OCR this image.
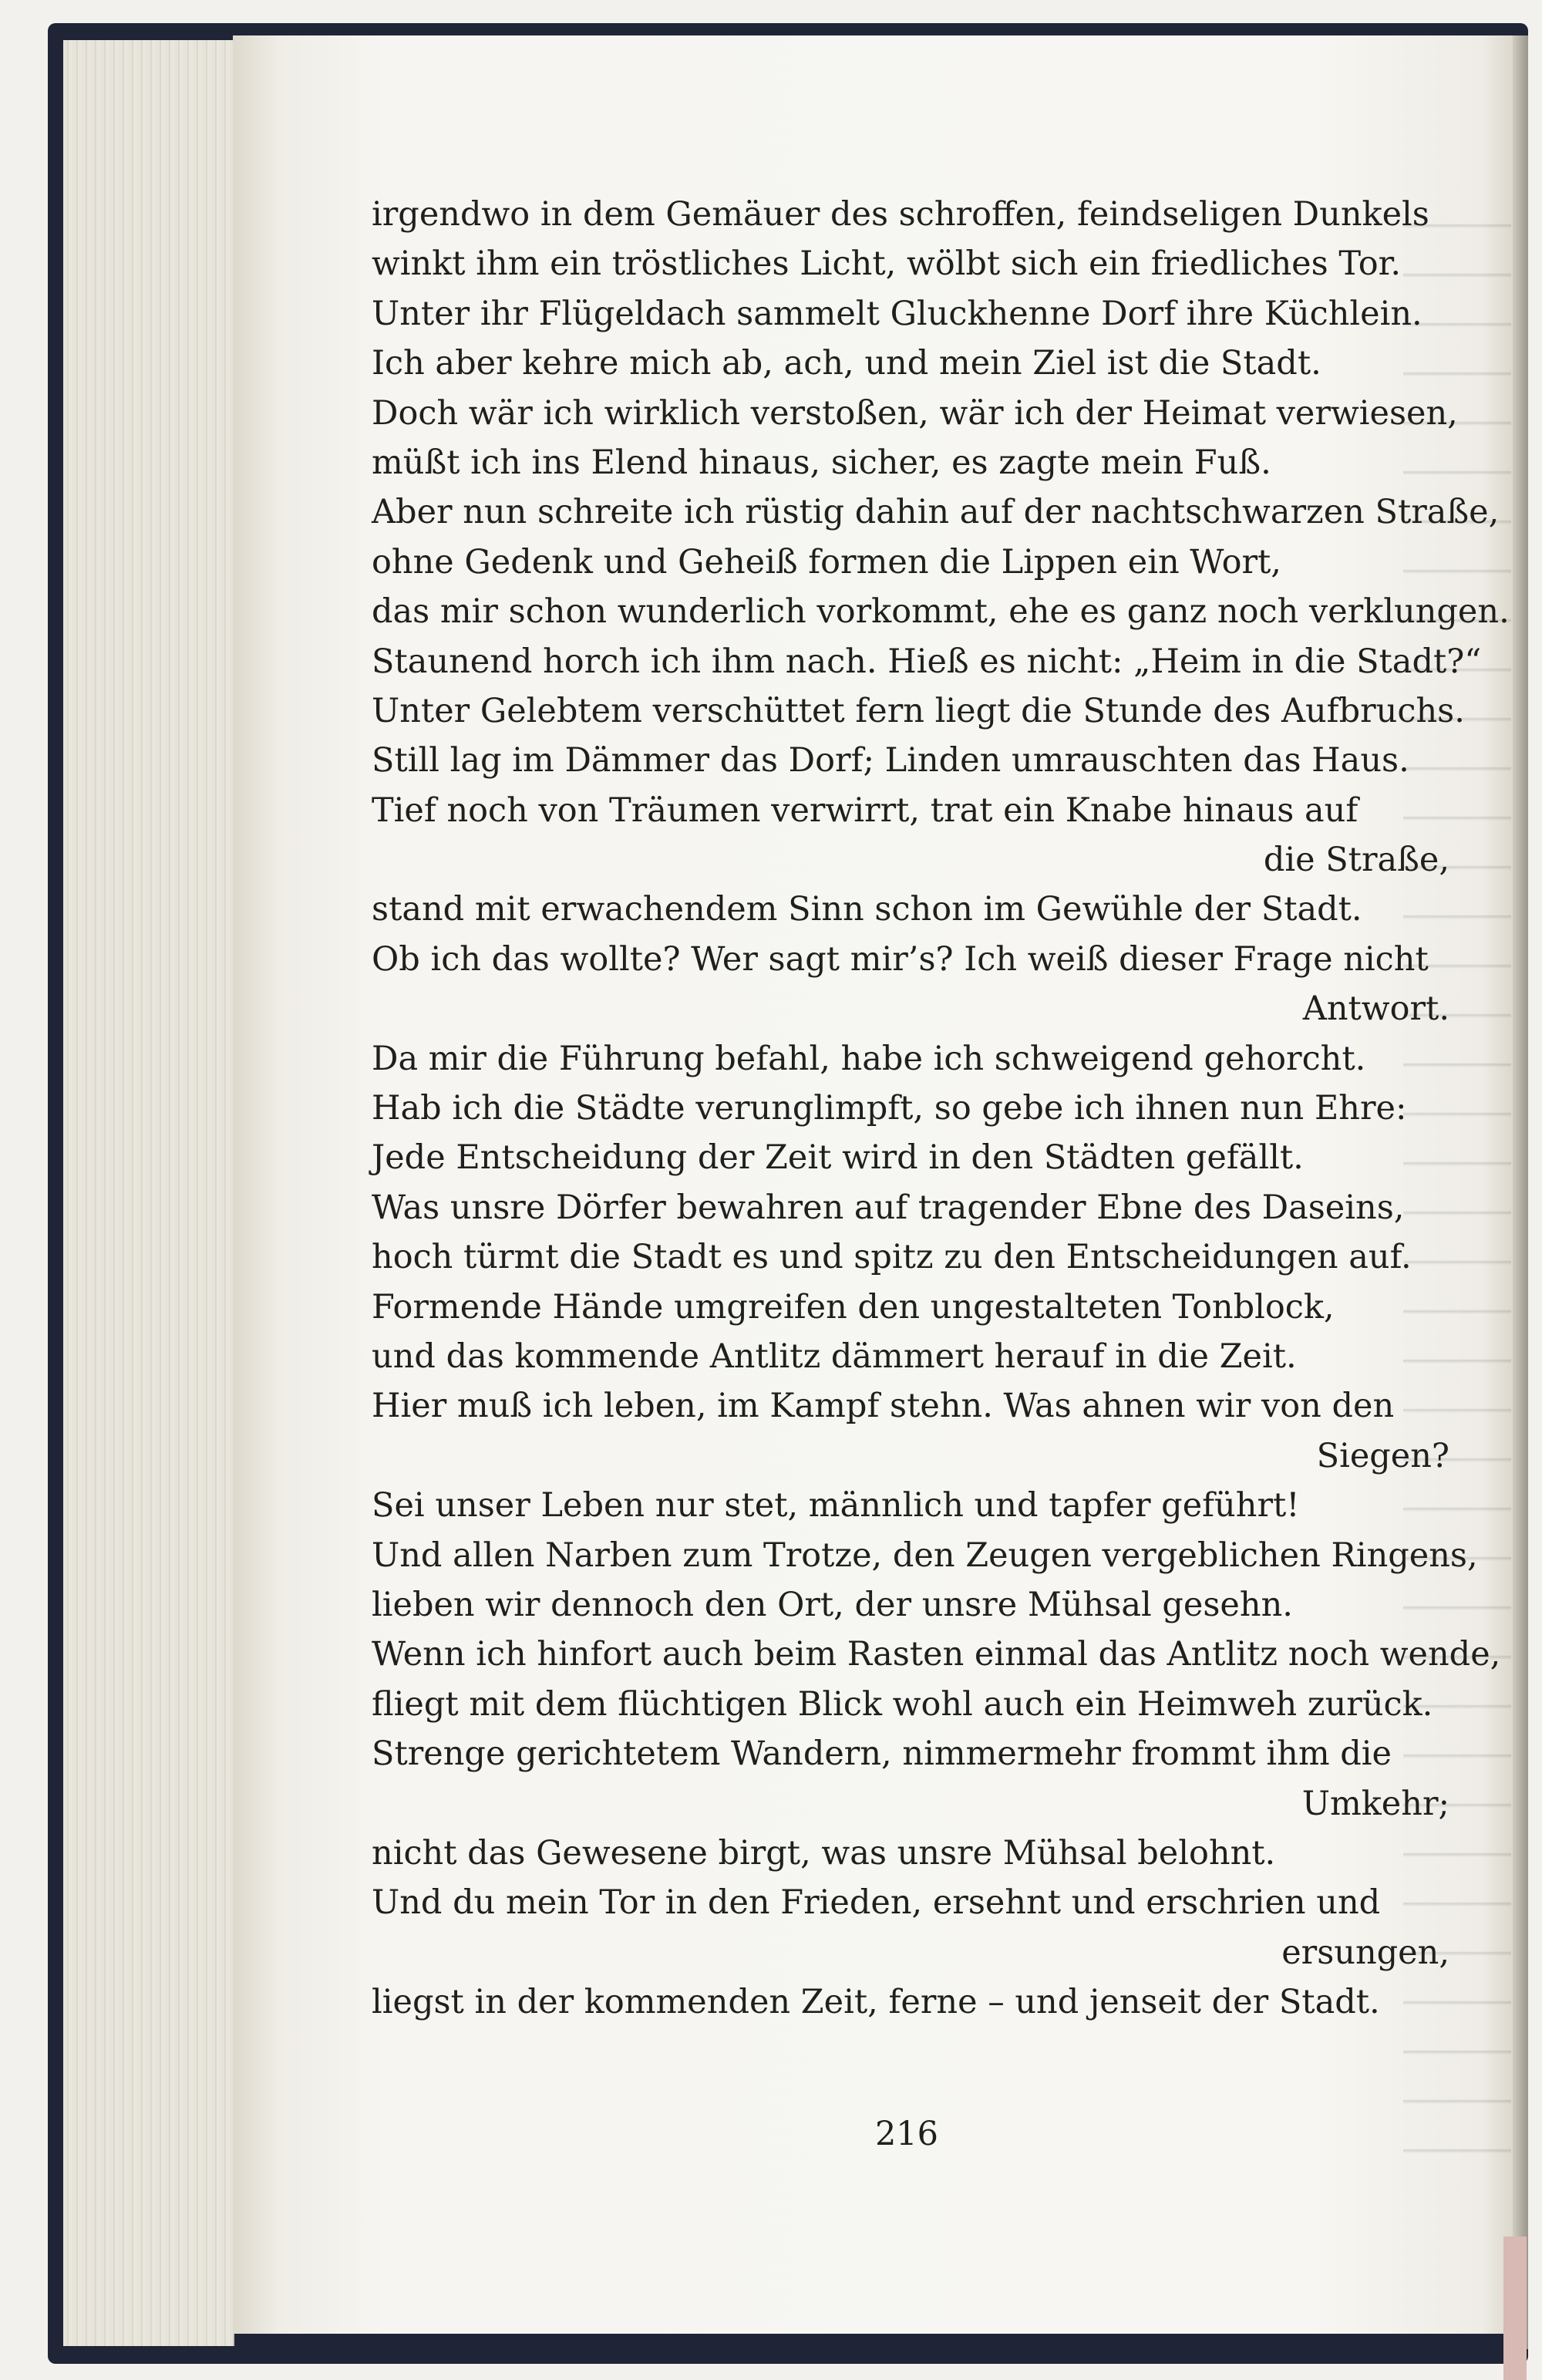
irgendwo in dem Gemäuer des schroffen, feindseligen Dunkels
winkt ihm ein tröstliches Licht, wölbt sich ein friedliches Tor.
Unter ihr Flügeldach sammelt Gluckhenne Dorf ihre Küchlein.
Ich aber kehre mich ab, ach, und mein Ziel ist die Stadt.
Doch wär ich wirklich verstoßen, wär ich der Heimat verwiesen,
müßt ich ins Elend hinaus, sicher, es zagte mein Fuß.
Aber nun schreite ich rüstig dahin auf der nachtschwarzen Straße,
ohne Gedenk und Geheiß formen die Lippen ein Wort,
das mir schon wunderlich vorkommt, ehe es ganz noch verklungen.
Staunend horch ich ihm nach. Hieß es nicht: „Heim in die Stadt?“
Unter Gelebtem verschüttet fern liegt die Stunde des Aufbruchs.
Still lag im Dämmer das Dorf; Linden umrauschten das Haus.
Tief noch von Träumen verwirrt, trat ein Knabe hinaus auf
die Straße,
stand mit erwachendem Sinn schon im Gewühle der Stadt.
Ob ich das wollte? Wer sagt mir’s? Ich weiß dieser Frage nicht
Antwort.
Da mir die Führung befahl, habe ich schweigend gehorcht.
Hab ich die Städte verunglimpft, so gebe ich ihnen nun Ehre:
Jede Entscheidung der Zeit wird in den Städten gefällt.
Was unsre Dörfer bewahren auf tragender Ebne des Daseins,
hoch türmt die Stadt es und spitz zu den Entscheidungen auf.
Formende Hände umgreifen den ungestalteten Tonblock,
und das kommende Antlitz dämmert herauf in die Zeit.
Hier muß ich leben, im Kampf stehn. Was ahnen wir von den
Siegen?
Sei unser Leben nur stet, männlich und tapfer geführt!
Und allen Narben zum Trotze, den Zeugen vergeblichen Ringens,
lieben wir dennoch den Ort, der unsre Mühsal gesehn.
Wenn ich hinfort auch beim Rasten einmal das Antlitz noch wende,
fliegt mit dem flüchtigen Blick wohl auch ein Heimweh zurück.
Strenge gerichtetem Wandern, nimmermehr frommt ihm die
Umkehr;
nicht das Gewesene birgt, was unsre Mühsal belohnt.
Und du mein Tor in den Frieden, ersehnt und erschrien und
ersungen,
liegst in der kommenden Zeit, ferne – und jenseit der Stadt.
216
